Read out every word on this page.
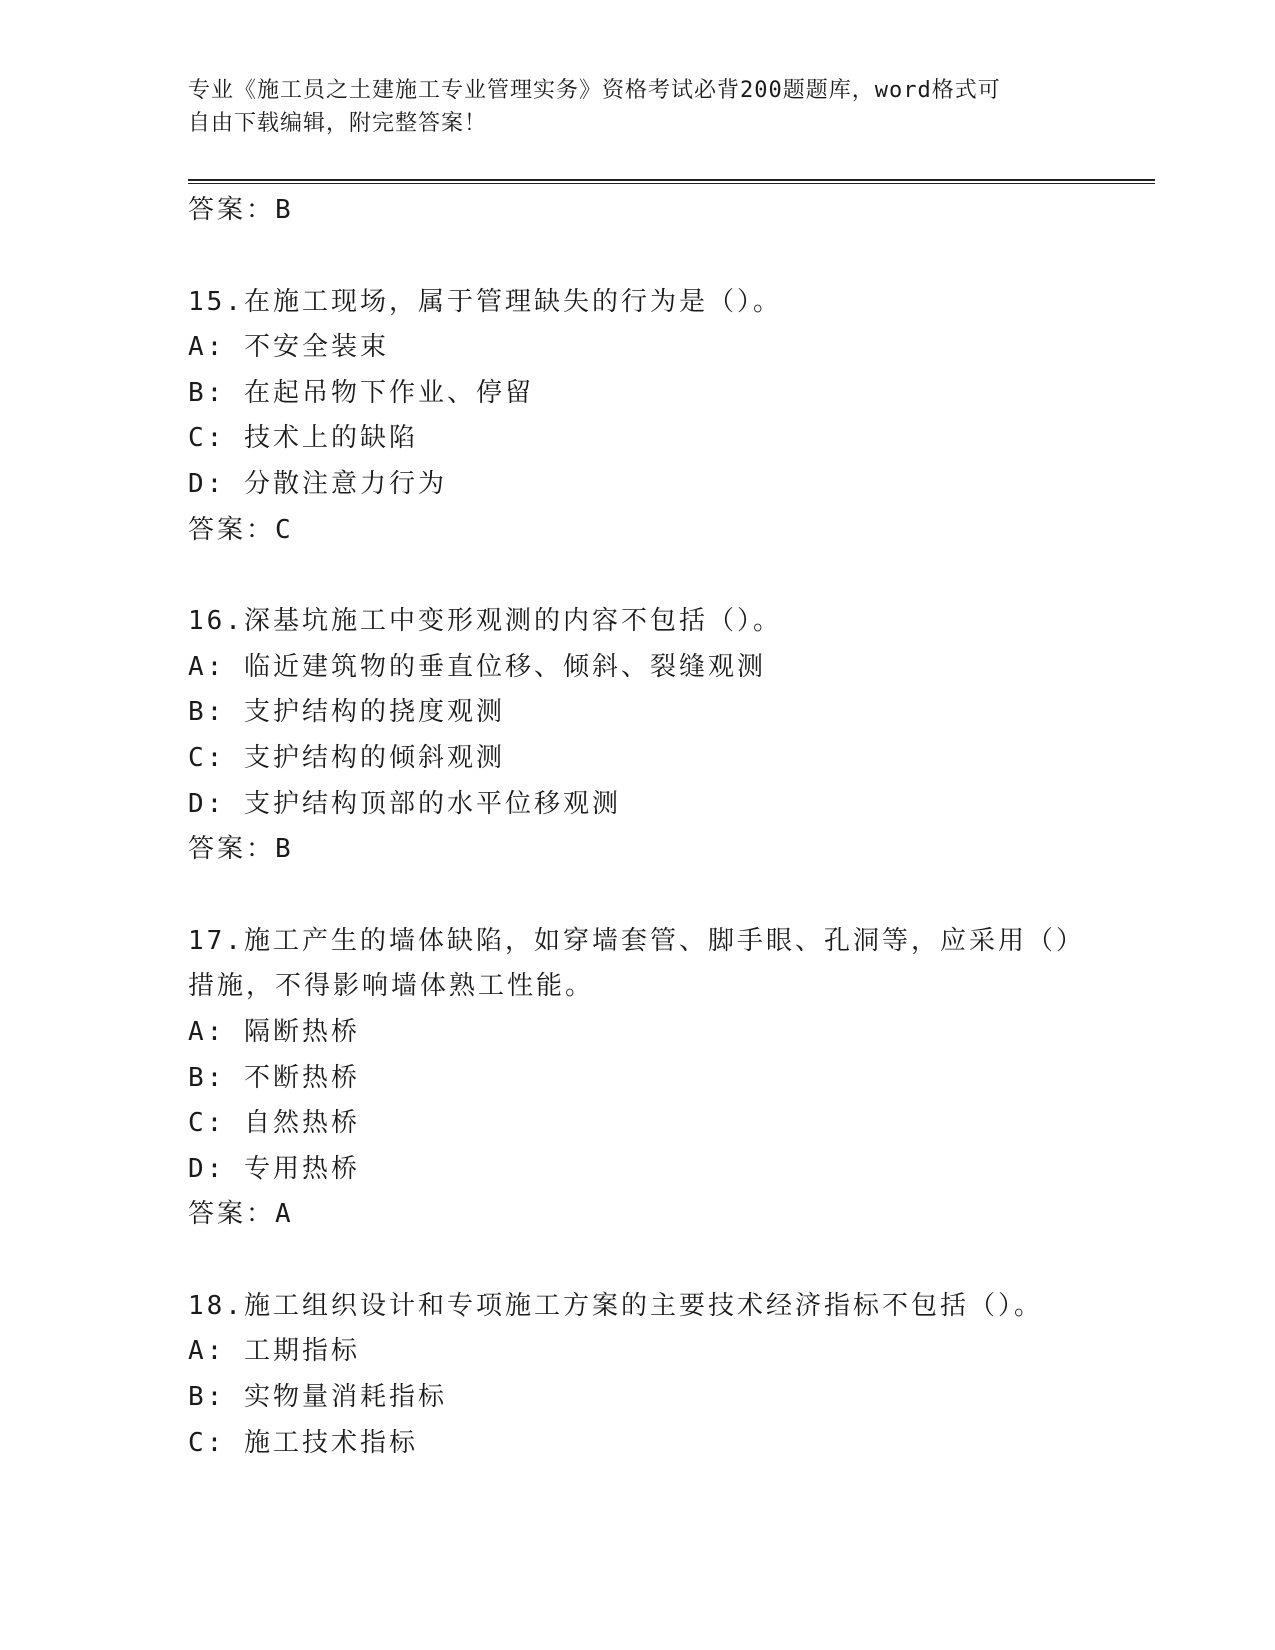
专业《施工员之土建施工专业管理实务》资格考试必背200题题库，word格式可
自由下载编辑，附完整答案！
答案：B
15.在施工现场，属于管理缺失的行为是（）。
A: 不安全装束
B: 在起吊物下作业、停留
C: 技术上的缺陷
D: 分散注意力行为
答案：C
16.深基坑施工中变形观测的内容不包括（）。
A: 临近建筑物的垂直位移、倾斜、裂缝观测
B: 支护结构的挠度观测
C: 支护结构的倾斜观测
D: 支护结构顶部的水平位移观测
答案：B
17.施工产生的墙体缺陷，如穿墙套管、脚手眼、孔洞等，应采用（）
措施，不得影响墙体熟工性能。
A: 隔断热桥
B: 不断热桥
C: 自然热桥
D: 专用热桥
答案：A
18.施工组织设计和专项施工方案的主要技术经济指标不包括（）。
A: 工期指标
B: 实物量消耗指标
C: 施工技术指标
